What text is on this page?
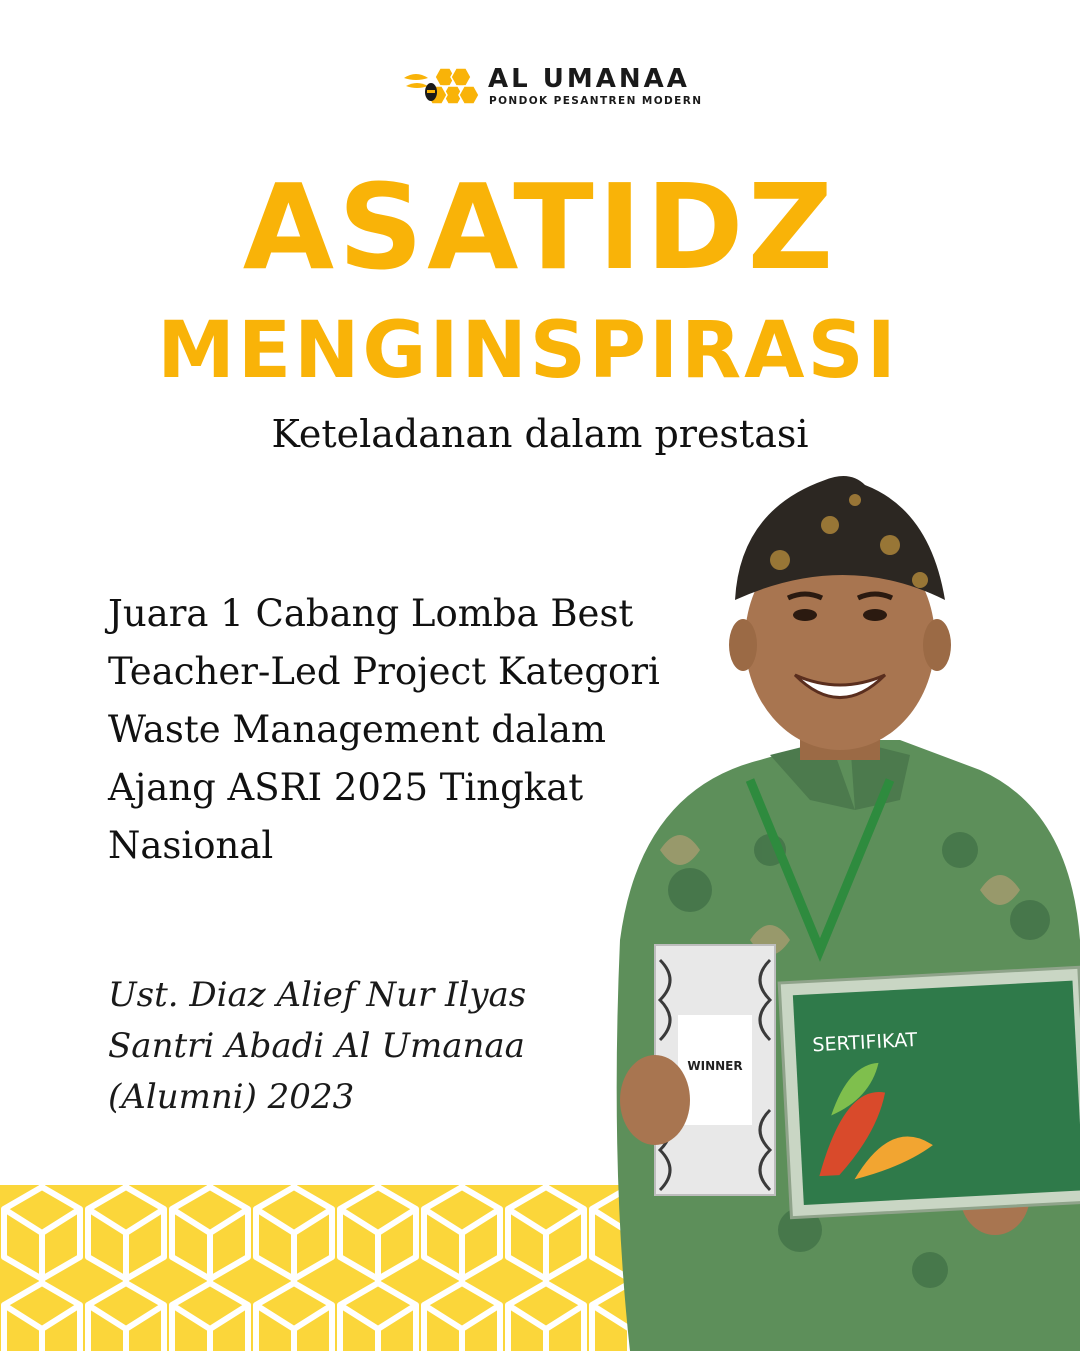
AL UMANAA
PONDOK PESANTREN MODERN
ASATIDZ
MENGINSPIRASI
Keteladanan dalam prestasi
WINNER
SERTIFIKAT
Juara 1 Cabang Lomba Best
Teacher-Led Project Kategori
Waste Management dalam
Ajang ASRI 2025 Tingkat
Nasional
Ust. Diaz Alief Nur Ilyas
Santri Abadi Al Umanaa
(Alumni) 2023
